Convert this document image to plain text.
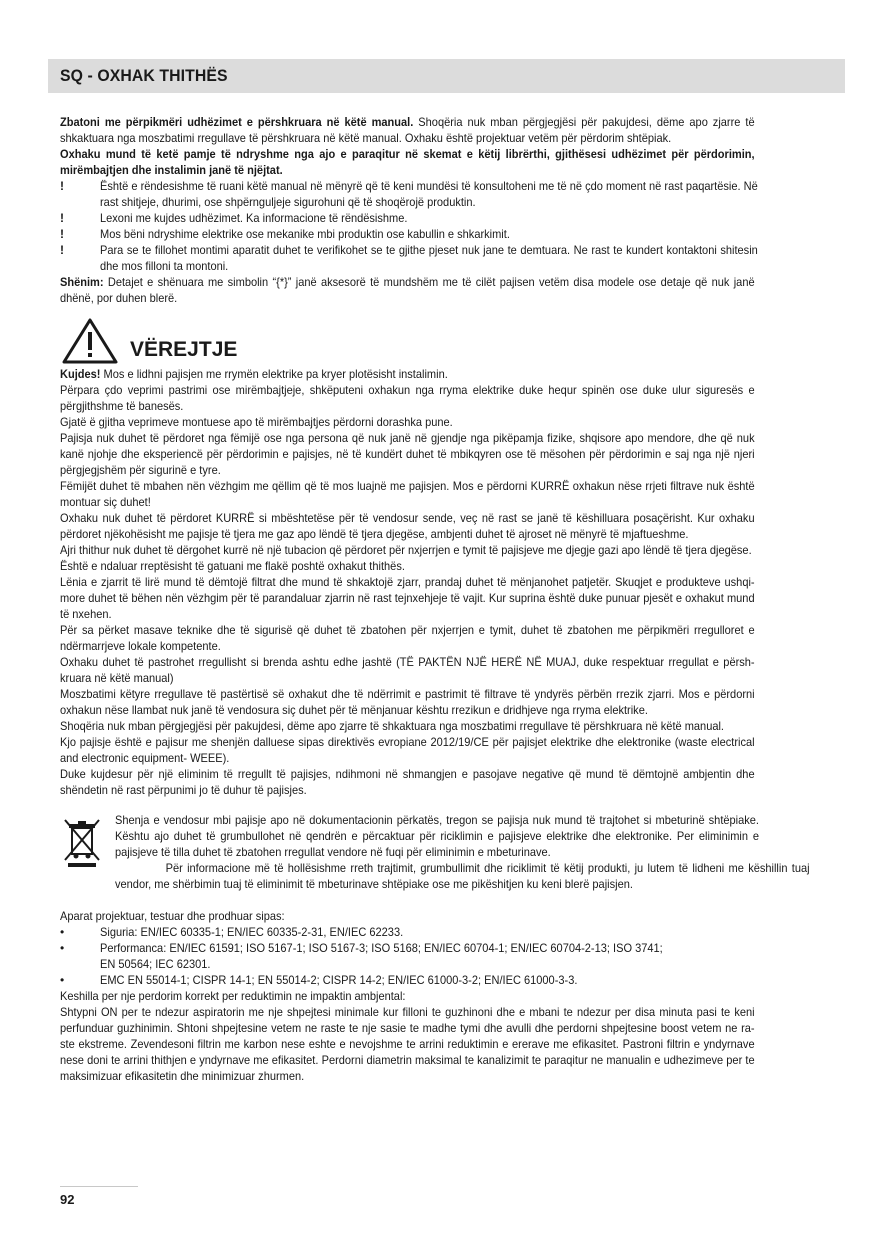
SQ - OXHAK THITHËS

Zbatoni me përpikmëri udhëzimet e përshkruara në këtë manual. Shoqëria nuk mban përgjegjësi për pakujdesi, dëme apo zjarre të shkaktuara nga moszbatimi rregullave të përshkruara në këtë manual. Oxhaku është projektuar vetëm për përdorim shtëpiak.

Oxhaku mund të ketë pamje të ndryshme nga ajo e paraqitur në skemat e këtij librërthi, gjithësesi udhëzimet për përdorimin, mirëmbajtjen dhe instalimin janë të njëjtat.

!	Është e rëndesishme të ruani këtë manual në mënyrë që të keni mundësi të konsultoheni me të në çdo moment në rast paqartësie. Në rast shitjeje, dhurimi, ose shpërnguljeje sigurohuni që të shoqërojë produktin.
!	Lexoni me kujdes udhëzimet. Ka informacione të rëndësishme.
!	Mos bëni ndryshime elektrike ose mekanike mbi produktin ose kabullin e shkarkimit.
!	Para se te fillohet montimi aparatit duhet te verifikohet se te gjithe pjeset nuk jane te demtuara. Ne rast te kundert kontaktoni shitesin dhe mos filloni ta montoni.

Shënim: Detajet e shënuara me simbolin “{*}” janë aksesorë të mundshëm me të cilët pajisen vetëm disa modele ose detaje që nuk janë dhënë, por duhen blerë.

VËREJTJE

Kujdes! Mos e lidhni pajisjen me rrymën elektrike pa kryer plotësisht instalimin.

Përpara çdo veprimi pastrimi ose mirëmbajtjeje, shkëputeni oxhakun nga rryma elektrike duke hequr spinën ose duke ulur siguresës e përgjithshme të banesës.

Gjatë ë gjitha veprimeve montuese apo të mirëmbajtjes përdorni dorashka pune.

Pajisja nuk duhet të përdoret nga fëmijë ose nga persona që nuk janë në gjendje nga pikëpamja fizike, shqisore apo mendore, dhe që nuk kanë njohje dhe eksperiencë për përdorimin e pajisjes, në të kundërt duhet të mbikqyren ose të mësohen për përdorimin e saj nga një njeri përgjegjshëm për sigurinë e tyre.

Fëmijët duhet të mbahen nën vëzhgim me qëllim që të mos luajnë me pajisjen. Mos e përdorni KURRË oxhakun nëse rrjeti filtrave nuk është montuar siç duhet!

Oxhaku nuk duhet të përdoret KURRË si mbështetëse për të vendosur sende, veç në rast se janë të këshilluara posaçërisht. Kur oxhaku përdoret njëkohësisht me pajisje të tjera me gaz apo lëndë të tjera djegëse, ambjenti duhet të ajroset në mënyrë të mjaftueshme.

Ajri thithur nuk duhet të dërgohet kurrë në një tubacion që përdoret për nxjerrjen e tymit të pajisjeve me djegje gazi apo lëndë të tjera djegëse.

Është e ndaluar rreptësisht të gatuani me flakë poshtë oxhakut thithës.

Lënia e zjarrit të lirë mund të dëmtojë filtrat dhe mund të shkaktojë zjarr, prandaj duhet të mënjanohet patjetër. Skuqjet e produkteve ushqi-more duhet të bëhen nën vëzhgim për të parandaluar zjarrin në rast tejnxehjeje të vajit. Kur suprina është duke punuar pjesët e oxhakut mund të nxehen.

Për sa përket masave teknike dhe të sigurisë që duhet të zbatohen për nxjerrjen e tymit, duhet të zbatohen me përpikmëri rregulloret e ndërmarrjeve lokale kompetente.

Oxhaku duhet të pastrohet rregullisht si brenda ashtu edhe jashtë (TË PAKTËN NJË HERË NË MUAJ, duke respektuar rregullat e përsh-kruara në këtë manual)

Moszbatimi këtyre rregullave të pastërtisë së oxhakut dhe të ndërrimit e pastrimit të filtrave të yndyrës përbën rrezik zjarri. Mos e përdorni oxhakun nëse llambat nuk janë të vendosura siç duhet për të mënjanuar kështu rrezikun e dridhjeve nga rryma elektrike.

Shoqëria nuk mban përgjegjësi për pakujdesi, dëme apo zjarre të shkaktuara nga moszbatimi rregullave të përshkruara në këtë manual.

Kjo pajisje është e pajisur me shenjën dalluese sipas direktivës evropiane 2012/19/CE për pajisjet elektrike dhe elektronike (waste electrical and electronic equipment- WEEE).

Duke kujdesur për një eliminim të rregullt të pajisjes, ndihmoni në shmangjen e pasojave negative që mund të dëmtojnë ambjentin dhe shëndetin në rast përpunimi jo të duhur të pajisjes.

Shenja e vendosur mbi pajisje apo në dokumentacionin përkatës, tregon se pajisja nuk mund të trajtohet si mbeturinë shtëpiake. Kështu ajo duhet të grumbullohet në qendrën e përcaktuar për riciklimin e pajisjeve elektrike dhe elektronike. Per eliminimin e pajisjeve të tilla duhet të zbatohen rregullat vendore në fuqi për eliminimin e mbeturinave.

Për informacione më të hollësishme rreth trajtimit, grumbullimit dhe riciklimit të këtij produkti, ju lutem të lidheni me këshillin tuaj vendor, me shërbimin tuaj të eliminimit të mbeturinave shtëpiake ose me pikëshitjen ku keni blerë pajisjen.

Aparat projektuar, testuar dhe prodhuar sipas:

•	Siguria: EN/IEC 60335-1; EN/IEC 60335-2-31, EN/IEC 62233.
•	Performanca: EN/IEC 61591; ISO 5167-1; ISO 5167-3; ISO 5168; EN/IEC 60704-1; EN/IEC 60704-2-13; ISO 3741;
EN 50564; IEC 62301.
•	EMC EN 55014-1; CISPR 14-1; EN 55014-2; CISPR 14-2; EN/IEC 61000-3-2; EN/IEC 61000-3-3.

Keshilla per nje perdorim korrekt per reduktimin ne impaktin ambjental:

Shtypni ON per te ndezur aspiratorin me nje shpejtesi minimale kur filloni te guzhinoni dhe e mbani te ndezur per disa minuta pasi te keni perfunduar guzhinimin. Shtoni shpejtesine vetem ne raste te nje sasie te madhe tymi dhe avulli dhe perdorni shpejtesine boost vetem ne ra-ste ekstreme. Zevendesoni filtrin me karbon nese eshte e nevojshme te arrini reduktimin e ererave me efikasitet. Pastroni filtrin e yndyrnave nese doni te arrini thithjen e yndyrnave me efikasitet. Perdorni diametrin maksimal te kanalizimit te paraqitur ne manualin e udhezimeve per te maksimizuar efikasitetin dhe minimizuar zhurmen.

92
